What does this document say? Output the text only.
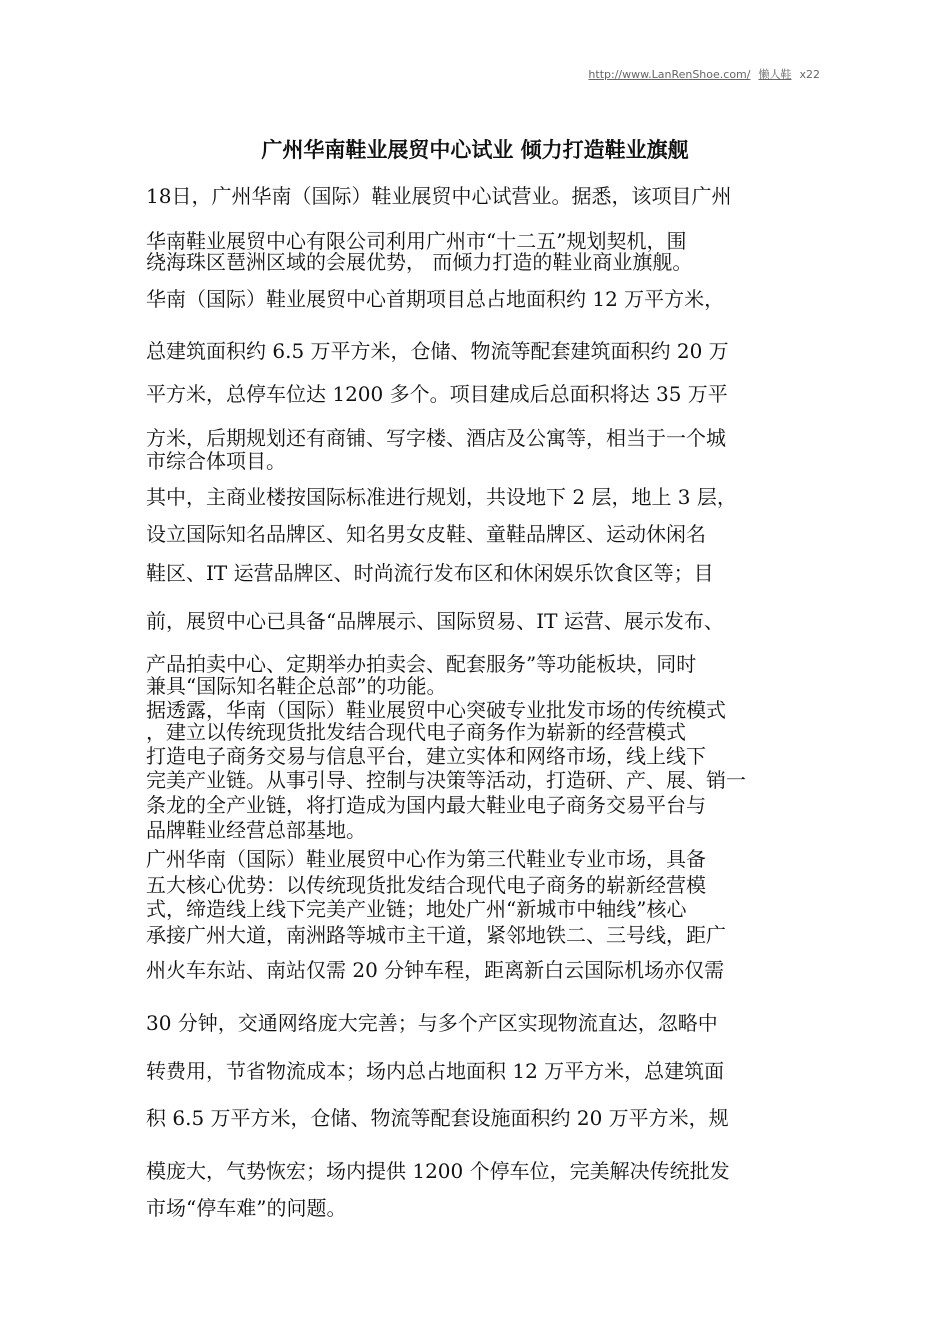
http://www.LanRenShoe.com/ 懒人鞋 x22
广州华南鞋业展贸中心试业 倾力打造鞋业旗舰
18日，广州华南（国际）鞋业展贸中心试营业。据悉，该项目广州
华南鞋业展贸中心有限公司利用广州市“十二五”规划契机，围
绕海珠区琶洲区域的会展优势， 而倾力打造的鞋业商业旗舰。
华南（国际）鞋业展贸中心首期项目总占地面积约 12 万平方米，
总建筑面积约 6.5 万平方米，仓储、物流等配套建筑面积约 20 万
平方米，总停车位达 1200 多个。项目建成后总面积将达 35 万平
方米，后期规划还有商铺、写字楼、酒店及公寓等，相当于一个城
市综合体项目。
其中，主商业楼按国际标准进行规划，共设地下 2 层，地上 3 层，
设立国际知名品牌区、知名男女皮鞋、童鞋品牌区、运动休闲名
鞋区、IT 运营品牌区、时尚流行发布区和休闲娱乐饮食区等；目
前，展贸中心已具备“品牌展示、国际贸易、IT 运营、展示发布、
产品拍卖中心、定期举办拍卖会、配套服务”等功能板块，同时
兼具“国际知名鞋企总部”的功能。
据透露，华南（国际）鞋业展贸中心突破专业批发市场的传统模式
，建立以传统现货批发结合现代电子商务作为崭新的经营模式
打造电子商务交易与信息平台，建立实体和网络市场，线上线下
完美产业链。从事引导、控制与决策等活动，打造研、产、展、销一
条龙的全产业链，将打造成为国内最大鞋业电子商务交易平台与
品牌鞋业经营总部基地。
广州华南（国际）鞋业展贸中心作为第三代鞋业专业市场，具备
五大核心优势：以传统现货批发结合现代电子商务的崭新经营模
式，缔造线上线下完美产业链；地处广州“新城市中轴线”核心
承接广州大道，南洲路等城市主干道，紧邻地铁二、三号线，距广
州火车东站、南站仅需 20 分钟车程，距离新白云国际机场亦仅需
30 分钟，交通网络庞大完善；与多个产区实现物流直达，忽略中
转费用，节省物流成本；场内总占地面积 12 万平方米，总建筑面
积 6.5 万平方米，仓储、物流等配套设施面积约 20 万平方米，规
模庞大，气势恢宏；场内提供 1200 个停车位，完美解决传统批发
市场“停车难”的问题。
